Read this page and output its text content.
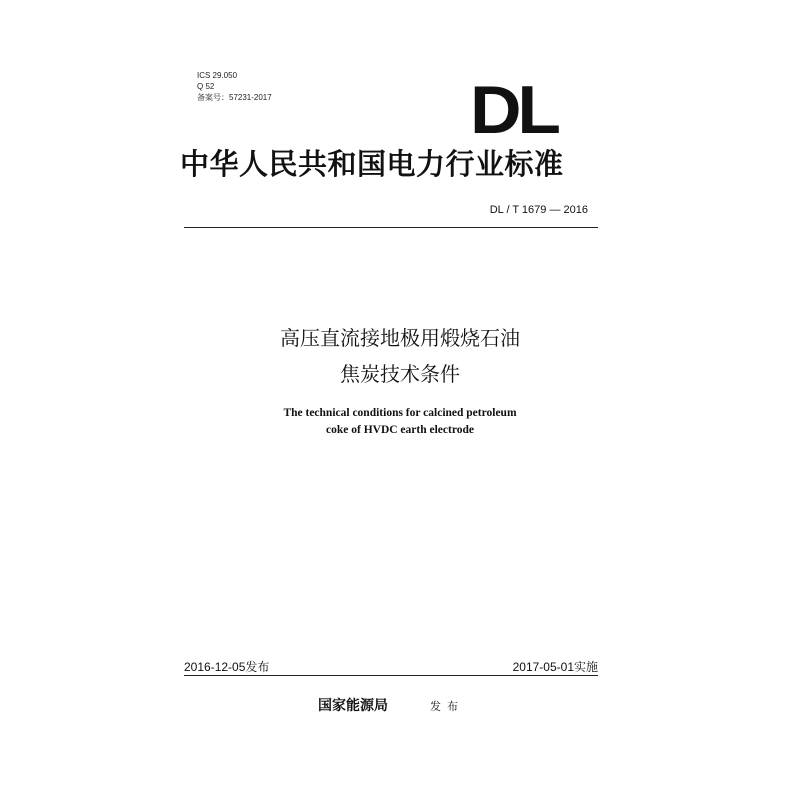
ICS 29.050
Q 52
备案号：57231-2017	DL
中华人民共和国电力行业标准
DL / T 1679 — 2016
高压直流接地极用煅烧石油
焦炭技术条件
The technical conditions for calcined petroleum
coke of HVDC earth electrode
2016-12-05发布	2017-05-01实施
国家能源局	发布
